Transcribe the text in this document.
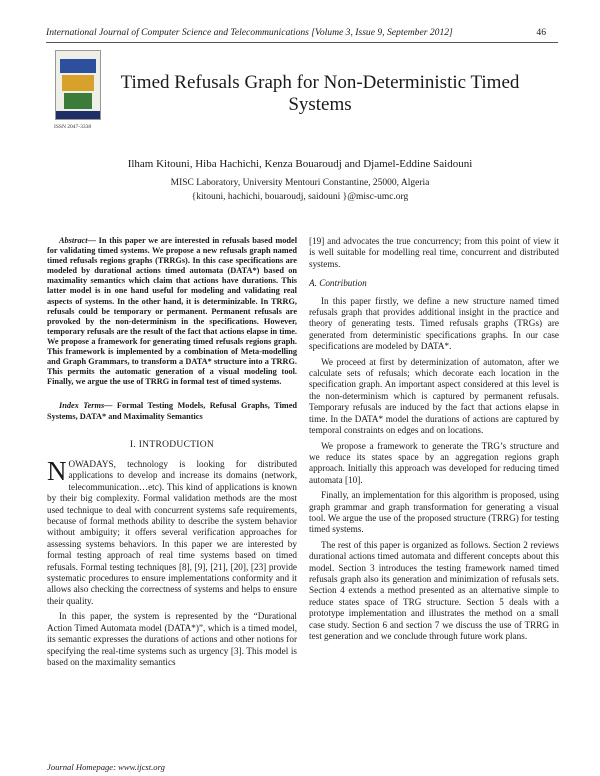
International Journal of Computer Science and Telecommunications [Volume 3, Issue 9, September 2012]	46
ISSN 2047-3338
Timed Refusals Graph for Non-Deterministic Timed Systems
Ilham Kitouni, Hiba Hachichi, Kenza Bouaroudj and Djamel-Eddine Saidouni
MISC Laboratory, University Mentouri Constantine, 25000, Algeria
{kitouni, hachichi, bouaroudj, saidouni }@misc-umc.org

Abstract— In this paper we are interested in refusals based model for validating timed systems. We propose a new refusals graph named timed refusals regions graphs (TRRGs). In this case specifications are modeled by durational actions timed automata (DATA*) based on maximality semantics which claim that actions have durations. This latter model is in one hand useful for modeling and validating real aspects of systems. In the other hand, it is determinizable. In TRRG, refusals could be temporary or permanent. Permanent refusals are provoked by the non-determinism in the specifications. However, temporary refusals are the result of the fact that actions elapse in time. We propose a framework for generating timed refusals regions graph. This framework is implemented by a combination of Meta-modelling and Graph Grammars, to transform a DATA* structure into a TRRG. This permits the automatic generation of a visual modeling tool. Finally, we argue the use of TRRG in formal test of timed systems.

Index Terms— Formal Testing Models, Refusal Graphs, Timed Systems, DATA* and Maximality Semantics

I. INTRODUCTION

NOWADAYS, technology is looking for distributed applications to develop and increase its domains (network, telecommunication…etc). This kind of applications is known by their big complexity. Formal validation methods are the most used technique to deal with concurrent systems safe requirements, because of formal methods ability to describe the system behavior without ambiguity; it offers several verification approaches for assessing systems behaviors. In this paper we are interested by formal testing approach of real time systems based on timed refusals. Formal testing techniques [8], [9], [21], [20], [23] provide systematic procedures to ensure implementations conformity and it allows also checking the correctness of systems and helps to ensure their quality.

In this paper, the system is represented by the “Durational Action Timed Automata model (DATA*)”, which is a timed model, its semantic expresses the durations of actions and other notions for specifying the real-time systems such as urgency [3]. This model is based on the maximality semantics

[19] and advocates the true concurrency; from this point of view it is well suitable for modelling real time, concurrent and distributed systems.

A. Contribution

In this paper firstly, we define a new structure named timed refusals graph that provides additional insight in the practice and theory of generating tests. Timed refusals graphs (TRGs) are generated from deterministic specifications graphs. In our case specifications are modeled by DATA*.

We proceed at first by determinization of automaton, after we calculate sets of refusals; which decorate each location in the specification graph. An important aspect considered at this level is the non-determinism which is captured by permanent refusals. Temporary refusals are induced by the fact that actions elapse in time. In the DATA* model the durations of actions are captured by temporal constraints on edges and on locations.

We propose a framework to generate the TRG’s structure and we reduce its states space by an aggregation regions graph approach. Initially this approach was developed for reducing timed automata [10].

Finally, an implementation for this algorithm is proposed, using graph grammar and graph transformation for generating a visual tool. We argue the use of the proposed structure (TRRG) for testing timed systems.

The rest of this paper is organized as follows. Section 2 reviews durational actions timed automata and different concepts about this model. Section 3 introduces the testing framework named timed refusals graph also its generation and minimization of refusals sets. Section 4 extends a method presented as an alternative simple to reduce states space of TRG structure. Section 5 deals with a prototype implementation and illustrates the method on a small case study. Section 6 and section 7 we discuss the use of TRRG in test generation and we conclude through future work plans.

Journal Homepage: www.ijcst.org
